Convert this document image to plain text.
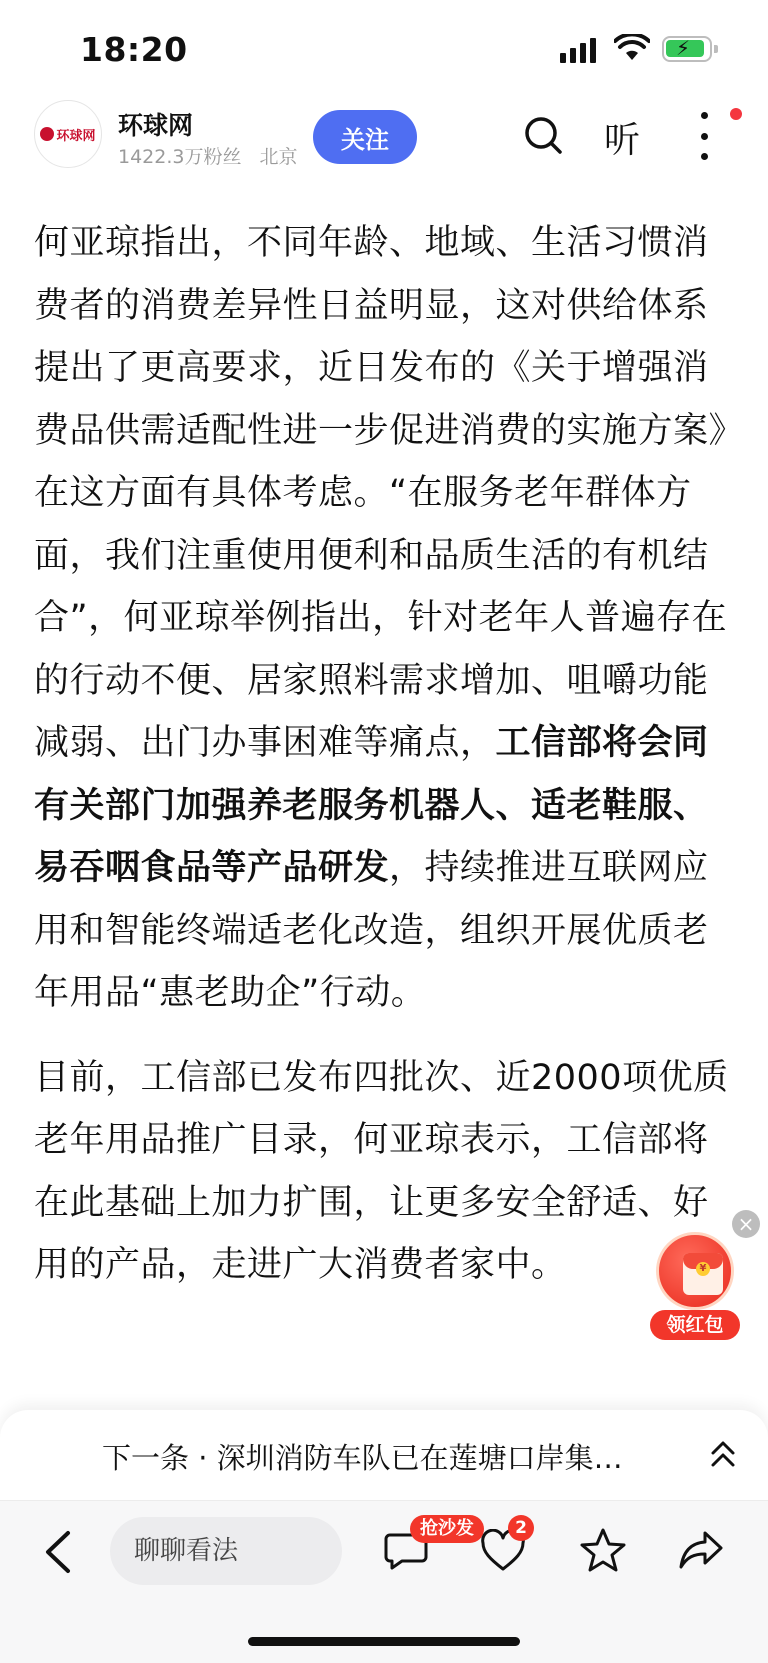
18:20	⚡
环球网 环球网
1422.3万粉丝 北京
关注	听

何亚琼指出，不同年龄、地域、生活习惯消费者的消费差异性日益明显，这对供给体系提出了更高要求，近日发布的《关于增强消费品供需适配性进一步促进消费的实施方案》在这方面有具体考虑。“在服务老年群体方面，我们注重使用便利和品质生活的有机结合”，何亚琼举例指出，针对老年人普遍存在的行动不便、居家照料需求增加、咀嚼功能减弱、出门办事困难等痛点，工信部将会同有关部门加强养老服务机器人、适老鞋服、易吞咽食品等产品研发，持续推进互联网应用和智能终端适老化改造，组织开展优质老年用品“惠老助企”行动。

目前，工信部已发布四批次、近2000项优质老年用品推广目录，何亚琼表示，工信部将在此基础上加力扩围，让更多安全舒适、好用的产品，走进广大消费者家中。

×
¥
领红包
下一条 · 深圳消防车队已在莲塘口岸集…
聊聊看法
抢沙发	2
